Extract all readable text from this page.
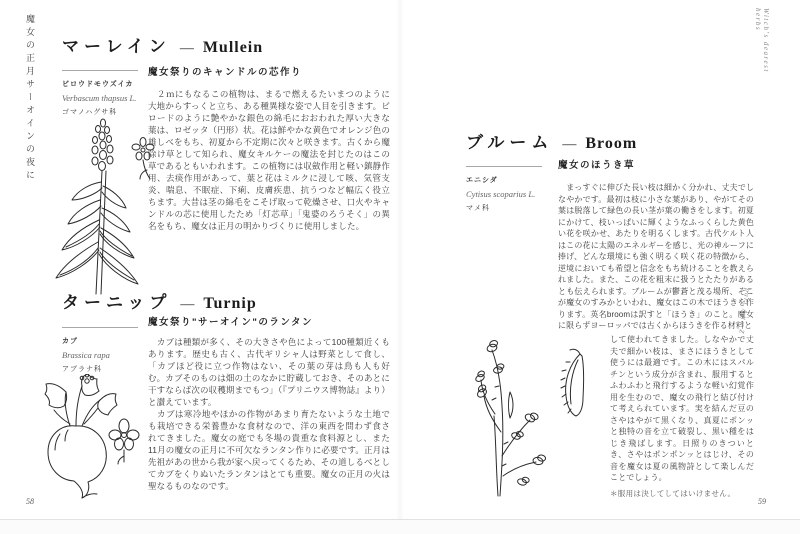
魔女の正月サーオインの夜に マーレイン — Mullein
ビロウドモウズイカ
Verbascum thapsus L.
ゴマノハグサ科
魔女祭りのキャンドルの芯作り
　２ｍにもなるこの植物は、まるで燃えるたいまつのように大地からすっくと立ち、ある種異様な姿で人目を引きます。ビロードのように艶やかな銀色の綿毛におおわれた厚い大きな葉は、ロゼッタ（円形）状。花は鮮やかな黄色でオレンジ色の雄しべをもち、初夏から不定期に次々と咲きます。古くから魔除け草として知られ、魔女キルケーの魔法を封じたのはこの草であるともいわれます。この植物には収斂作用と軽い鎮静作用、去痰作用があって、葉と花はミルクに浸して咳、気管支炎、喘息、不眠症、下痢、皮膚疾患、抗うつなど幅広く役立ちます。大昔は茎の綿毛をこそげ取って乾燥させ、口火やキャンドルの芯に使用したため「灯芯草」「鬼婆のろうそく」の異名をもち、魔女は正月の明かりづくりに使用しました。
ターニップ — Turnip
カブ
Brassica rapa
アブラナ科
魔女祭り"サーオイン"のランタン

　カブは種類が多く、その大きさや色によって100種類近くもあります。歴史も古く、古代ギリシャ人は野菜として食し、「カブほど役に立つ作物はない、その葉の芽は鳥も人も好む。カブそのものは畑の土のなかに貯蔵しておき、そのあとに干すならば次の収穫期までもつ」（『プリニウス博物誌』より）と讃えています。

　カブは寒冷地やほかの作物があまり育たないような土地でも栽培できる栄養豊かな食材なので、洋の東西を問わず食されてきました。魔女の庭でも冬場の貴重な食料源とし、また11月の魔女の正月に不可欠なランタン作りに必要です。正月は先祖があの世から我が家へ戻ってくるため、その道しるべとしてカブをくりぬいたランタンはとても重要。魔女の正月の火は聖なるものなのです。

58
Witch's dearest herbs
part A to Z
ブルーム — Broom
エニシダ
Cytisus scoparius L.
マメ科
魔女のほうき草
　まっすぐに伸びた長い枝は細かく分かれ、丈夫でしなやかです。最初は枝に小さな葉があり、やがてその葉は脱落して緑色の長い茎が葉の働きをします。初夏にかけて、枝いっぱいに輝くようなふっくらした黄色い花を咲かせ、あたりを明るくします。古代ケルト人はこの花に太陽のエネルギーを感じ、光の神ルーフに捧げ、どんな環境にも強く明るく咲く花の特徴から、逆境においても希望と信念をもち続けることを教えられました。また、この花を粗末に扱うとたたりがあるとも伝えられます。ブルームが鬱蒼と茂る場所、そこが魔女のすみかといわれ、魔女はこの木でほうきを作ります。英名broomは訳すと「ほうき」のこと。魔女に限らずヨーロッパでは古くからほうきを作る材料と
して使われてきました。しなやかで丈夫で細かい枝は、まさにほうきとして使うには最適です。この木にはスパルチンという成分が含まれ、服用するとふわふわと飛行するような軽い幻覚作用を生むので、魔女の飛行と結び付けて考えられています。実を結んだ豆のさやはやがて黒くなり、真夏にポンッと独特の音を立て破裂し、黒い種をはじき飛ばします。日照りのきついとき、さやはポンポンッとはじけ、その音を魔女は夏の風物詩として楽しんだことでしょう。
＊服用は決してしてはいけません。
59
